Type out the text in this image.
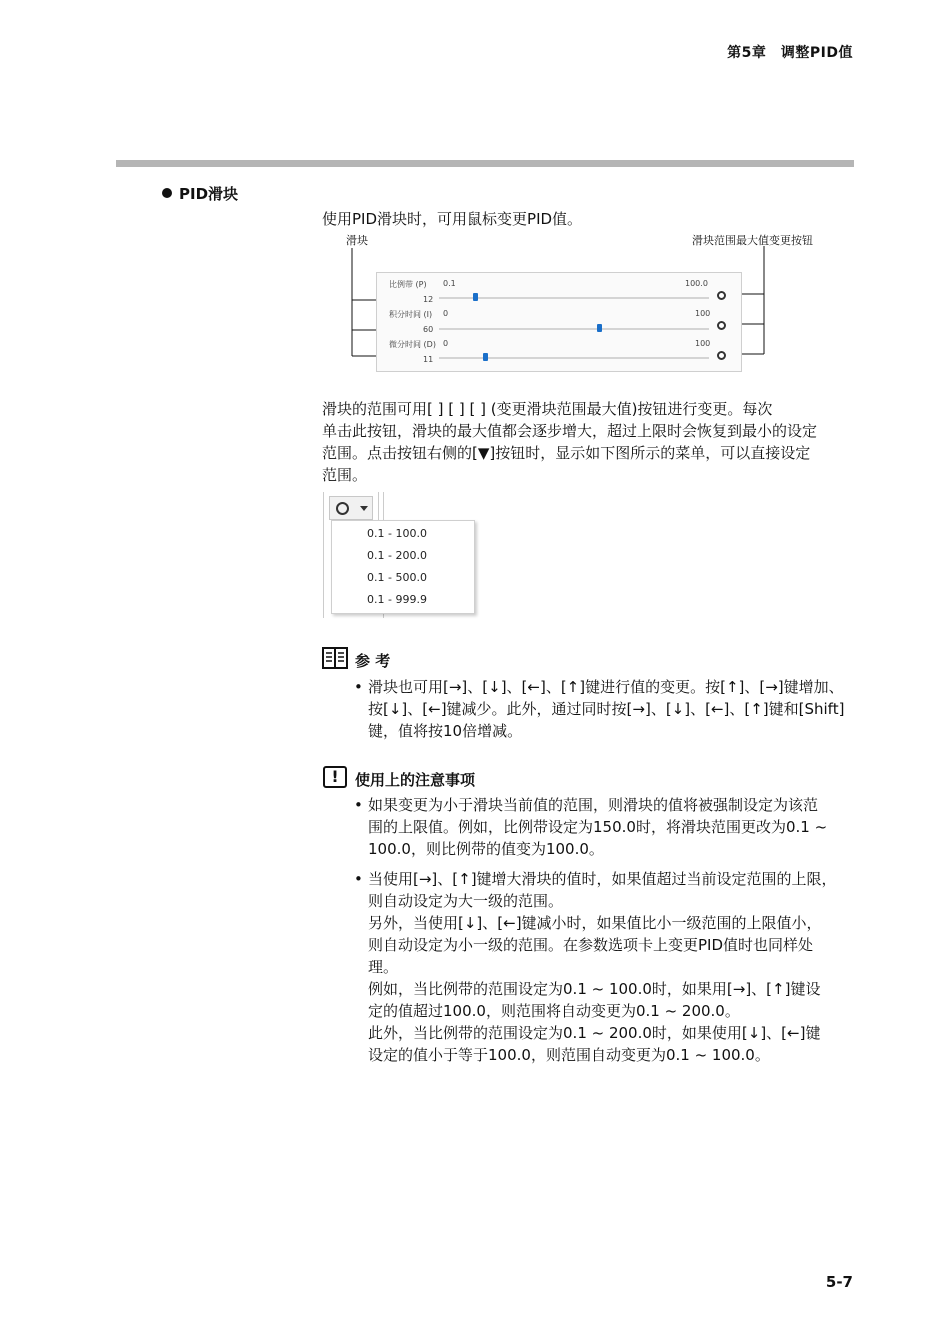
第5章　调整PID值
PID滑块
使用PID滑块时，可用鼠标变更PID值。
滑块	滑块范围最大值变更按钮
比例带 (P) 0.1	100.0
12
积分时间 (I) 0	100
60
微分时间 (D) 0	100
11
滑块的范围可用[ ] [ ] [ ] (变更滑块范围最大值)按钮进行变更。每次
单击此按钮，滑块的最大值都会逐步增大，超过上限时会恢复到最小的设定
范围。点击按钮右侧的[▼]按钮时，显示如下图所示的菜单，可以直接设定
范围。
0.1 - 100.0
0.1 - 200.0
0.1 - 500.0
0.1 - 999.9
参 考
• 滑块也可用[→]、[↓]、[←]、[↑]键进行值的变更。按[↑]、[→]键增加、
按[↓]、[←]键减少。此外，通过同时按[→]、[↓]、[←]、[↑]键和[Shift]
键，值将按10倍增减。
!	使用上的注意事项
• 如果变更为小于滑块当前值的范围，则滑块的值将被强制设定为该范
围的上限值。例如，比例带设定为150.0时，将滑块范围更改为0.1 ~
100.0，则比例带的值变为100.0。
• 当使用[→]、[↑]键增大滑块的值时，如果值超过当前设定范围的上限，
则自动设定为大一级的范围。
另外，当使用[↓]、[←]键减小时，如果值比小一级范围的上限值小，
则自动设定为小一级的范围。在参数选项卡上变更PID值时也同样处
理。
例如，当比例带的范围设定为0.1 ~ 100.0时，如果用[→]、[↑]键设
定的值超过100.0，则范围将自动变更为0.1 ~ 200.0。
此外，当比例带的范围设定为0.1 ~ 200.0时，如果使用[↓]、[←]键
设定的值小于等于100.0，则范围自动变更为0.1 ~ 100.0。
5-7
